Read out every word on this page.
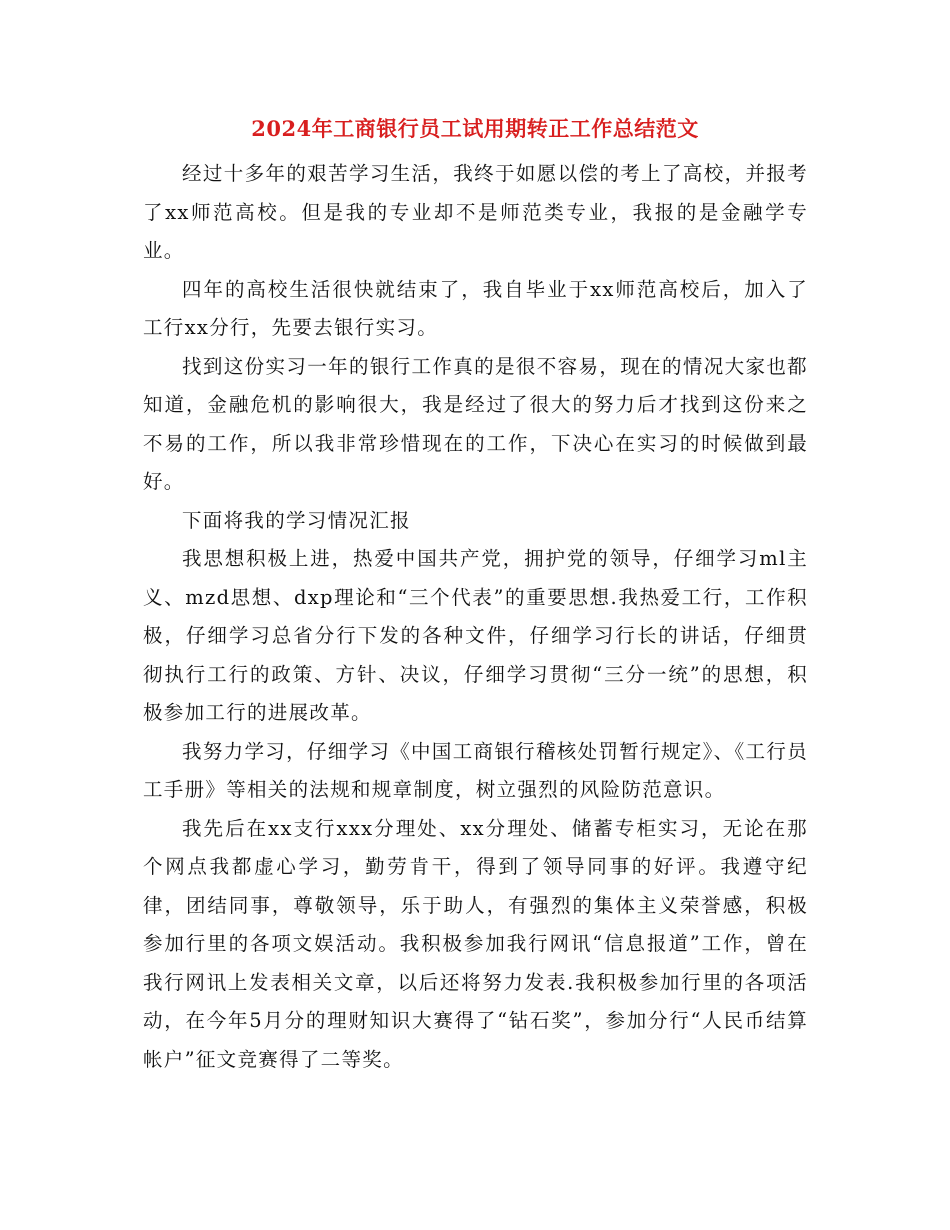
2024年工商银行员工试用期转正工作总结范文

经过十多年的艰苦学习生活，我终于如愿以偿的考上了高校，并报考了xx师范高校。但是我的专业却不是师范类专业，我报的是金融学专业。

四年的高校生活很快就结束了，我自毕业于xx师范高校后，加入了工行xx分行，先要去银行实习。

找到这份实习一年的银行工作真的是很不容易，现在的情况大家也都知道，金融危机的影响很大，我是经过了很大的努力后才找到这份来之不易的工作，所以我非常珍惜现在的工作，下决心在实习的时候做到最好。

下面将我的学习情况汇报

我思想积极上进，热爱中国共产党，拥护党的领导，仔细学习ml主义、mzd思想、dxp理论和“三个代表”的重要思想.我热爱工行，工作积极，仔细学习总省分行下发的各种文件，仔细学习行长的讲话，仔细贯彻执行工行的政策、方针、决议，仔细学习贯彻“三分一统”的思想，积极参加工行的进展改革。

我努力学习，仔细学习《中国工商银行稽核处罚暂行规定》、《工行员工手册》等相关的法规和规章制度，树立强烈的风险防范意识。

我先后在xx支行xxx分理处、xx分理处、储蓄专柜实习，无论在那个网点我都虚心学习，勤劳肯干，得到了领导同事的好评。我遵守纪律，团结同事，尊敬领导，乐于助人，有强烈的集体主义荣誉感，积极参加行里的各项文娱活动。我积极参加我行网讯“信息报道”工作，曾在我行网讯上发表相关文章，以后还将努力发表.我积极参加行里的各项活动，在今年5月分的理财知识大赛得了“钻石奖”，参加分行“人民币结算帐户”征文竞赛得了二等奖。
